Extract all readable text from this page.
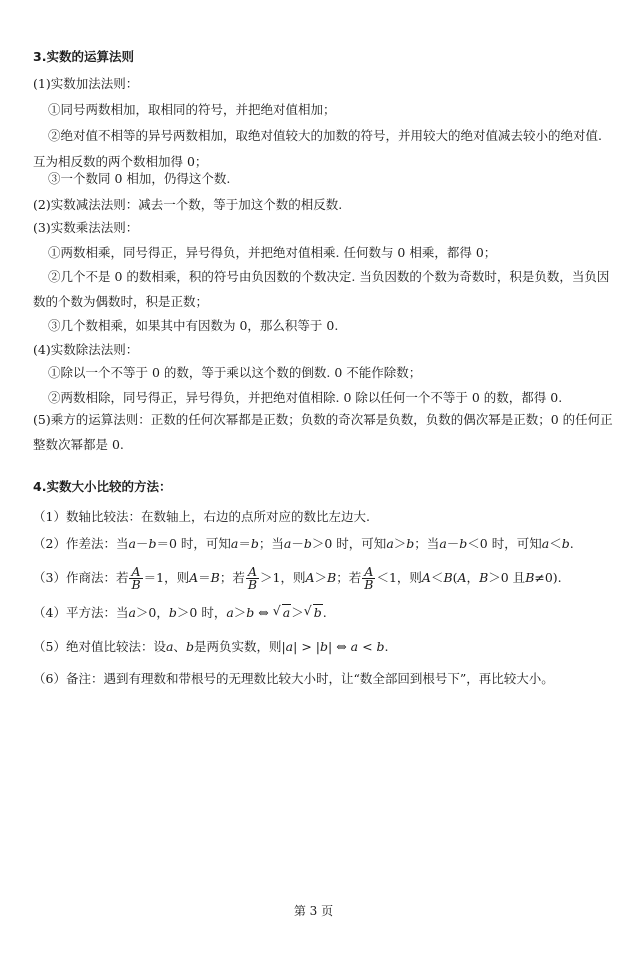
3.实数的运算法则
(1)实数加法法则：
①同号两数相加，取相同的符号，并把绝对值相加；
②绝对值不相等的异号两数相加，取绝对值较大的加数的符号，并用较大的绝对值减去较小的绝对值.
互为相反数的两个数相加得 0；
③一个数同 0 相加，仍得这个数.
(2)实数减法法则：减去一个数，等于加这个数的相反数.
(3)实数乘法法则：
①两数相乘，同号得正，异号得负，并把绝对值相乘. 任何数与 0 相乘，都得 0；
②几个不是 0 的数相乘，积的符号由负因数的个数决定. 当负因数的个数为奇数时，积是负数，当负因
数的个数为偶数时，积是正数；
③几个数相乘，如果其中有因数为 0，那么积等于 0.
(4)实数除法法则：
①除以一个不等于 0 的数，等于乘以这个数的倒数. 0 不能作除数；
②两数相除，同号得正，异号得负，并把绝对值相除. 0 除以任何一个不等于 0 的数，都得 0.
(5)乘方的运算法则：正数的任何次幂都是正数；负数的奇次幂是负数，负数的偶次幂是正数；0 的任何正
整数次幂都是 0.
4.实数大小比较的方法：
（1）数轴比较法：在数轴上，右边的点所对应的数比左边大.
（2）作差法：当a－b＝0 时，可知a＝b；当a－b＞0 时，可知a＞b；当a－b＜0 时，可知a＜b.
（3）作商法：若 $\frac{A}{B} =1$，则A＝B；若 $\frac{A}{B} >1$，则A＞B；若 $\frac{A}{B} <1$，则A＜B(A，B＞0 且B≠0).
（4）平方法：当a＞0，b＞0 时，a＞b ⇔ √ a＞√ b.
（5）绝对值比较法：设a、b是两负实数，则|a| > |b| ⇔ a < b.
（6）备注：遇到有理数和带根号的无理数比较大小时，让“数全部回到根号下”，再比较大小。
第 3 页
